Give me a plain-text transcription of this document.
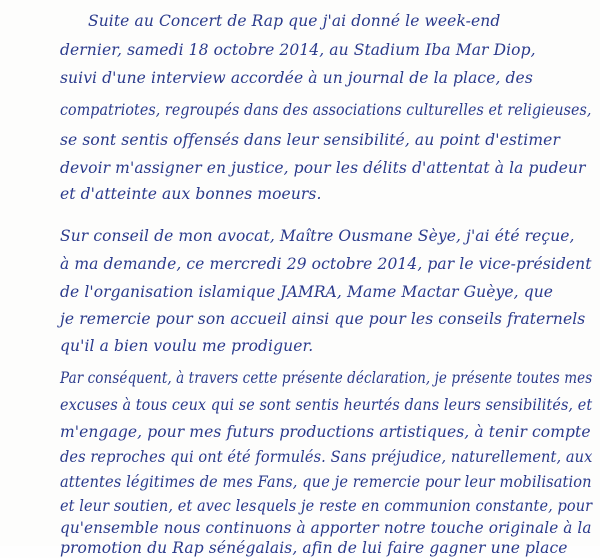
Suite au Concert de Rap que j'ai donné le week-end
dernier, samedi 18 octobre 2014, au Stadium Iba Mar Diop,
suivi d'une interview accordée à un journal de la place, des
compatriotes, regroupés dans des associations culturelles et religieuses,
se sont sentis offensés dans leur sensibilité, au point d'estimer
devoir m'assigner en justice, pour les délits d'attentat à la pudeur
et d'atteinte aux bonnes moeurs.
Sur conseil de mon avocat, Maître Ousmane Sèye, j'ai été reçue,
à ma demande, ce mercredi 29 octobre 2014, par le vice-président
de l'organisation islamique JAMRA, Mame Mactar Guèye, que
je remercie pour son accueil ainsi que pour les conseils fraternels
qu'il a bien voulu me prodiguer.
Par conséquent, à travers cette présente déclaration, je présente toutes mes
excuses à tous ceux qui se sont sentis heurtés dans leurs sensibilités, et
m'engage, pour mes futurs productions artistiques, à tenir compte
des reproches qui ont été formulés. Sans préjudice, naturellement, aux
attentes légitimes de mes Fans, que je remercie pour leur mobilisation
et leur soutien, et avec lesquels je reste en communion constante, pour
qu'ensemble nous continuons à apporter notre touche originale à la
promotion du Rap sénégalais, afin de lui faire gagner une place
